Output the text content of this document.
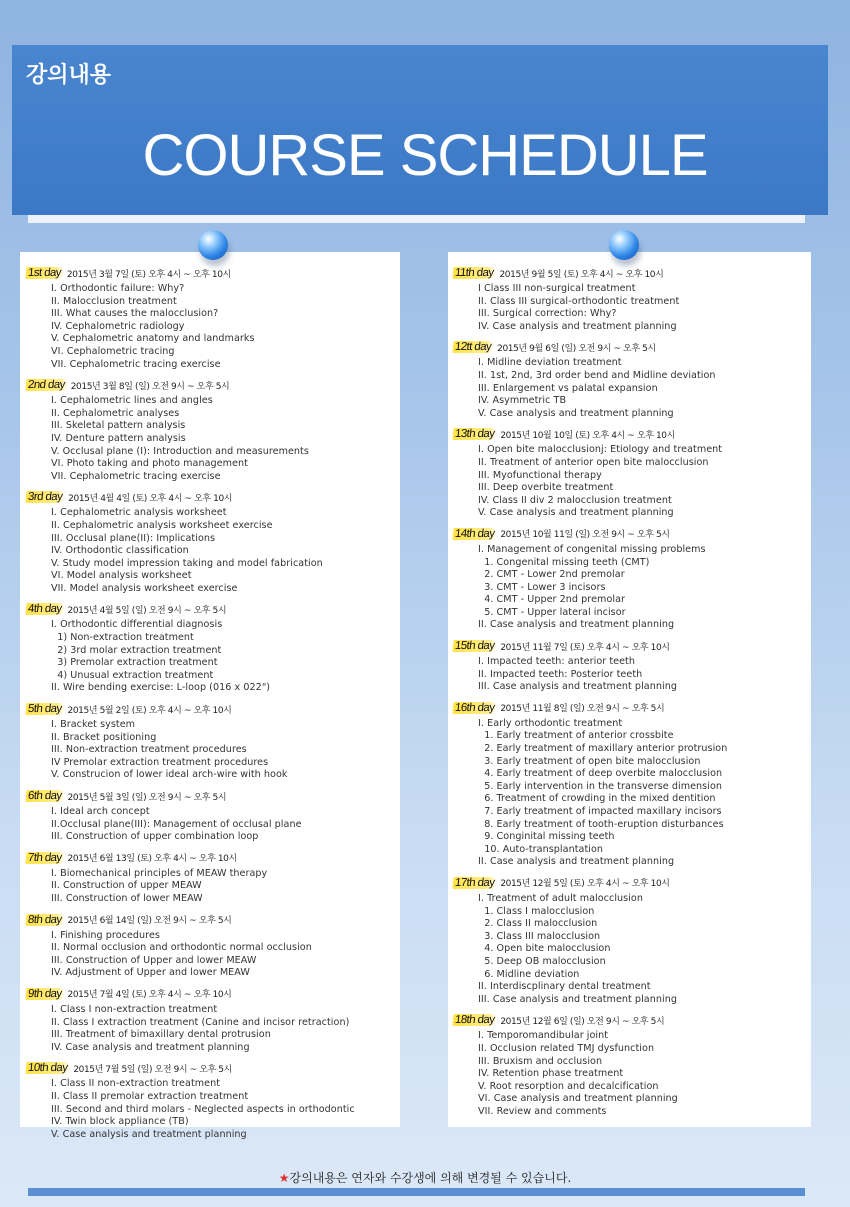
강의내용
COURSE SCHEDULE
1st day 2015년 3월 7일 (토) 오후 4시 ~ 오후 10시
I. Orthodontic failure: Why?
II. Malocclusion treatment
III. What causes the malocclusion?
IV. Cephalometric radiology
V. Cephalometric anatomy and landmarks
VI. Cephalometric tracing
VII. Cephalometric tracing exercise
2nd day 2015년 3월 8일 (일) 오전 9시 ~ 오후 5시
I. Cephalometric lines and angles
II. Cephalometric analyses
III. Skeletal pattern analysis
IV. Denture pattern analysis
V. Occlusal plane (I): Introduction and measurements
VI. Photo taking and photo management
VII. Cephalometric tracing exercise
3rd day 2015년 4월 4일 (토) 오후 4시 ~ 오후 10시
I. Cephalometric analysis worksheet
II. Cephalometric analysis worksheet exercise
III. Occlusal plane(II): Implications
IV. Orthodontic classification
V. Study model impression taking and model fabrication
VI. Model analysis worksheet
VII. Model analysis worksheet exercise
4th day 2015년 4월 5일 (일) 오전 9시 ~ 오후 5시
I. Orthodontic differential diagnosis
1) Non-extraction treatment
2) 3rd molar extraction treatment
3) Premolar extraction treatment
4) Unusual extraction treatment
II. Wire bending exercise: L-loop (016 x 022")
5th day 2015년 5월 2일 (토) 오후 4시 ~ 오후 10시
I. Bracket system
II. Bracket positioning
III. Non-extraction treatment procedures
IV Premolar extraction treatment procedures
V. Construcion of lower ideal arch-wire with hook
6th day 2015년 5월 3일 (일) 오전 9시 ~ 오후 5시
I. Ideal arch concept
II.Occlusal plane(III): Management of occlusal plane
III. Construction of upper combination loop
7th day 2015년 6월 13일 (토) 오후 4시 ~ 오후 10시
I. Biomechanical principles of MEAW therapy
II. Construction of upper MEAW
III. Construction of lower MEAW
8th day 2015년 6월 14일 (일) 오전 9시 ~ 오후 5시
I. Finishing procedures
II. Normal occlusion and orthodontic normal occlusion
III. Construction of Upper and lower MEAW
IV. Adjustment of Upper and lower MEAW
9th day 2015년 7월 4일 (토) 오후 4시 ~ 오후 10시
I. Class I non-extraction treatment
II. Class I extraction treatment (Canine and incisor retraction)
III. Treatment of bimaxillary dental protrusion
IV. Case analysis and treatment planning
10th day 2015년 7월 5일 (일) 오전 9시 ~ 오후 5시
I. Class II non-extraction treatment
II. Class II premolar extraction treatment
III. Second and third molars - Neglected aspects in orthodontic
IV. Twin block appliance (TB)
V. Case analysis and treatment planning
11th day 2015년 9월 5일 (토) 오후 4시 ~ 오후 10시
I Class III non-surgical treatment
II. Class III surgical-orthodontic treatment
III. Surgical correction: Why?
IV. Case analysis and treatment planning
12tt day 2015년 9월 6일 (일) 오전 9시 ~ 오후 5시
I. Midline deviation treatment
II. 1st, 2nd, 3rd order bend and Midline deviation
III. Enlargement vs palatal expansion
IV. Asymmetric TB
V. Case analysis and treatment planning
13th day 2015년 10월 10일 (토) 오후 4시 ~ 오후 10시
I. Open bite malocclusionj: Etiology and treatment
II. Treatment of anterior open bite malocclusion
III. Myofunctional therapy
III. Deep overbite treatment
IV. Class II div 2 malocclusion treatment
V. Case analysis and treatment planning
14th day 2015년 10월 11일 (일) 오전 9시 ~ 오후 5시
I. Management of congenital missing problems
1. Congenital missing teeth (CMT)
2. CMT - Lower 2nd premolar
3. CMT - Lower 3 incisors
4. CMT - Upper 2nd premolar
5. CMT - Upper lateral incisor
II. Case analysis and treatment planning
15th day 2015년 11월 7일 (토) 오후 4시 ~ 오후 10시
I. Impacted teeth: anterior teeth
II. Impacted teeth: Posterior teeth
III. Case analysis and treatment planning
16th day 2015년 11월 8일 (일) 오전 9시 ~ 오후 5시
I. Early orthodontic treatment
1. Early treatment of anterior crossbite
2. Early treatment of maxillary anterior protrusion
3. Early treatment of open bite malocclusion
4. Early treatment of deep overbite malocclusion
5. Early intervention in the transverse dimension
6. Treatment of crowding in the mixed dentition
7. Early treatment of impacted maxillary incisors
8. Early treatment of tooth-eruption disturbances
9. Conginital missing teeth
10. Auto-transplantation
II. Case analysis and treatment planning
17th day 2015년 12월 5일 (토) 오후 4시 ~ 오후 10시
I. Treatment of adult malocclusion
1. Class I malocclusion
2. Class II malocclusion
3. Class III malocclusion
4. Open bite malocclusion
5. Deep OB malocclusion
6. Midline deviation
II. Interdiscplinary dental treatment
III. Case analysis and treatment planning
18th day 2015년 12월 6일 (일) 오전 9시 ~ 오후 5시
I. Temporomandibular joint
II. Occlusion related TMJ dysfunction
III. Bruxism and occlusion
IV. Retention phase treatment
V. Root resorption and decalcification
VI. Case analysis and treatment planning
VII. Review and comments
★강의내용은 연자와 수강생에 의해 변경될 수 있습니다.
